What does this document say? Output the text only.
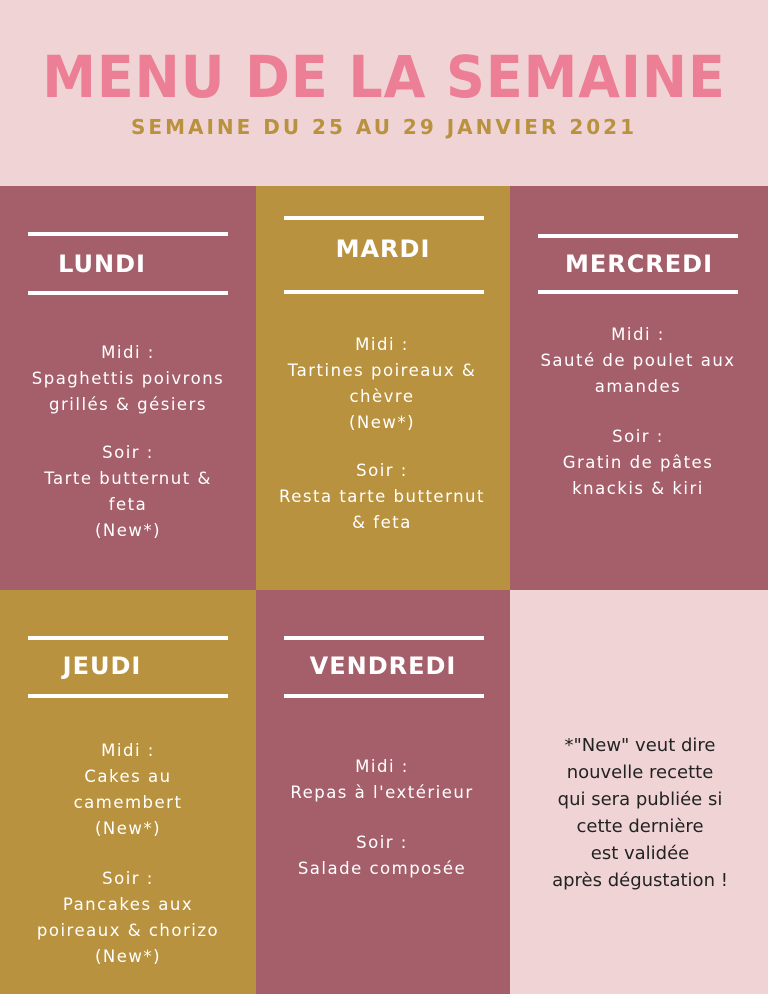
MENU DE LA SEMAINE
SEMAINE DU 25 AU 29 JANVIER 2021
LUNDI
Midi :
Spaghettis poivrons
grillés & gésiers
Soir :
Tarte butternut &
feta
(New*)
MARDI
Midi :
Tartines poireaux &
chèvre
(New*)
Soir :
Resta tarte butternut
& feta
MERCREDI
Midi :
Sauté de poulet aux
amandes
Soir :
Gratin de pâtes
knackis & kiri
JEUDI
Midi :
Cakes au
camembert
(New*)
Soir :
Pancakes aux
poireaux & chorizo
(New*)
VENDREDI
Midi :
Repas à l'extérieur
Soir :
Salade composée
*"New" veut dire
nouvelle recette
qui sera publiée si
cette dernière
est validée
après dégustation !
